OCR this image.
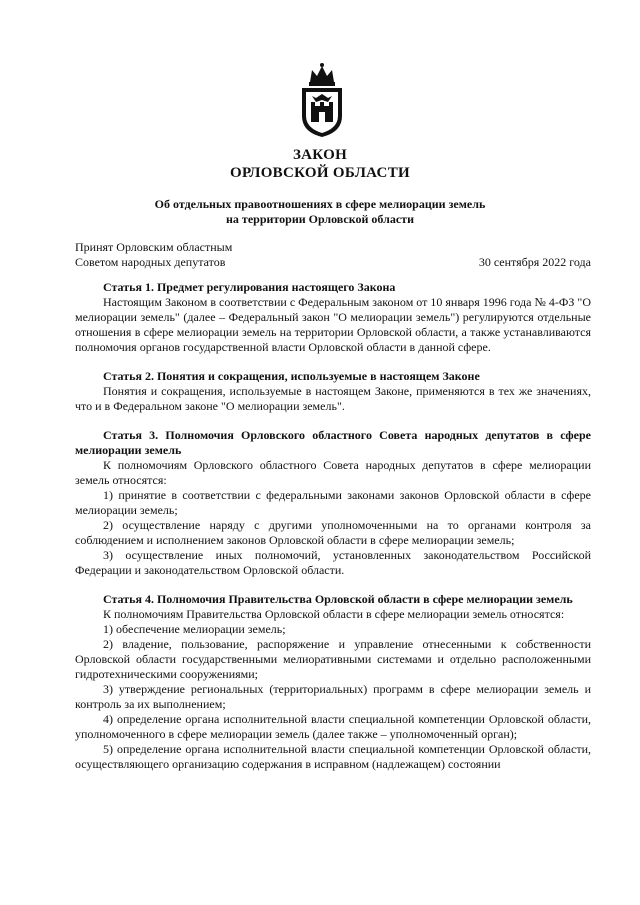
ЗАКОН
ОРЛОВСКОЙ ОБЛАСТИ
Об отдельных правоотношениях в сфере мелиорации земель
на территории Орловской области
Принят Орловским областным
Советом народных депутатов	30 сентября 2022 года
Статья 1. Предмет регулирования настоящего Закона
Настоящим Законом в соответствии с Федеральным законом от 10 января 1996 года № 4-ФЗ "О мелиорации земель" (далее – Федеральный закон "О мелиорации земель") регулируются отдельные отношения в сфере мелиорации земель на территории Орловской области, а также устанавливаются полномочия органов государственной власти Орловской области в данной сфере.
Статья 2. Понятия и сокращения, используемые в настоящем Законе
Понятия и сокращения, используемые в настоящем Законе, применяются в тех же значениях, что и в Федеральном законе "О мелиорации земель".
Статья 3. Полномочия Орловского областного Совета народных депутатов в сфере мелиорации земель
К полномочиям Орловского областного Совета народных депутатов в сфере мелиорации земель относятся:
1) принятие в соответствии с федеральными законами законов Орловской области в сфере мелиорации земель;
2) осуществление наряду с другими уполномоченными на то органами контроля за соблюдением и исполнением законов Орловской области в сфере мелиорации земель;
3) осуществление иных полномочий, установленных законодательством Российской Федерации и законодательством Орловской области.
Статья 4. Полномочия Правительства Орловской области в сфере мелиорации земель
К полномочиям Правительства Орловской области в сфере мелиорации земель относятся:
1) обеспечение мелиорации земель;
2) владение, пользование, распоряжение и управление отнесенными к собственности Орловской области государственными мелиоративными системами и отдельно расположенными гидротехническими сооружениями;
3) утверждение региональных (территориальных) программ в сфере мелиорации земель и контроль за их выполнением;
4) определение органа исполнительной власти специальной компетенции Орловской области, уполномоченного в сфере мелиорации земель (далее также – уполномоченный орган);
5) определение органа исполнительной власти специальной компетенции Орловской области, осуществляющего организацию содержания в исправном (надлежащем) состоянии
